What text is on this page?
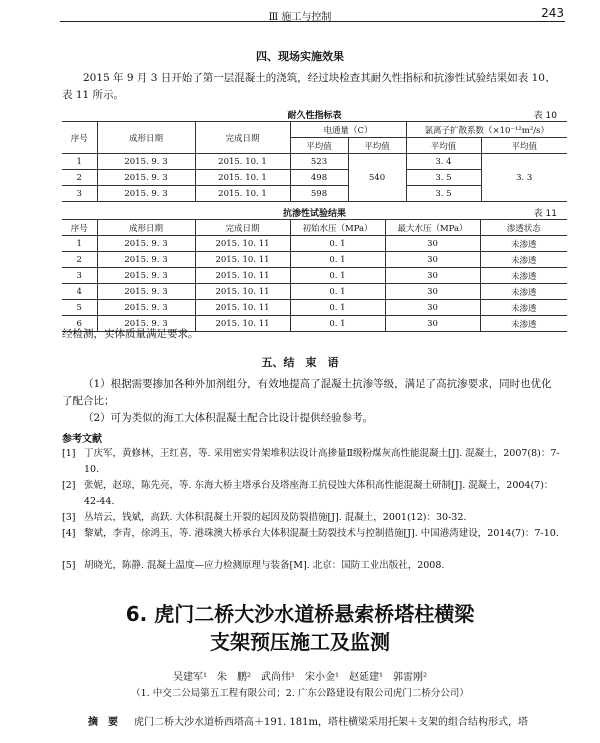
Ⅲ 施工与控制	243
四、现场实施效果
2015 年 9 月 3 日开始了第一层混凝土的浇筑，经过块检查其耐久性指标和抗渗性试验结果如表 10、表 11 所示。
耐久性指标表	表 10
序号	成形日期	完成日期	电通量（C）		氯离子扩散系数（×10⁻¹²m²/s）	
			平均值	平均值	平均值	平均值
1	2015. 9. 3	2015. 10. 1	523	540	3. 4	3. 3
2	2015. 9. 3	2015. 10. 1	498		3. 5	
3	2015. 9. 3	2015. 10. 1	598		3. 5	
抗渗性试验结果	表 11
序号	成形日期	完成日期	初始水压（MPa）	最大水压（MPa）	渗透状态
1	2015. 9. 3	2015. 10. 11	0. 1	30	未渗透
2	2015. 9. 3	2015. 10. 11	0. 1	30	未渗透
3	2015. 9. 3	2015. 10. 11	0. 1	30	未渗透
4	2015. 9. 3	2015. 10. 11	0. 1	30	未渗透
5	2015. 9. 3	2015. 10. 11	0. 1	30	未渗透
6	2015. 9. 3	2015. 10. 11	0. 1	30	未渗透
经检测，实体质量满足要求。
五、结　束　语
（1）根据需要掺加各种外加剂组分，有效地提高了混凝土抗渗等级，满足了高抗渗要求，同时也优化了配合比；
（2）可为类似的海工大体积混凝土配合比设计提供经验参考。
参考文献
[1] 丁庆军，黄修林，王红喜，等. 采用密实骨架堆积法设计高掺量Ⅱ级粉煤灰高性能混凝土[J]. 混凝土，2007(8)：7-10.
[2] 张妮，赵琼，陈先亮，等. 东海大桥主塔承台及塔座海工抗侵蚀大体积高性能混凝土研制[J]. 混凝土，2004(7)：42-44.
[3] 丛培云，钱斌，高跃. 大体积混凝土开裂的起因及防裂措施[J]. 混凝土，2001(12)：30-32.
[4] 黎斌，李青，徐鸿玉，等. 港珠澳大桥承台大体积混凝土防裂技术与控制措施[J]. 中国港湾建设，2014(7)：7-10.
[5] 胡晓光，陈静. 混凝土温度—应力检测原理与装备[M]. 北京：国防工业出版社，2008.
6. 虎门二桥大沙水道桥悬索桥塔柱横梁
支架预压施工及监测
吴建军¹　朱　鹏²　武尚伟¹　宋小金¹　赵延建¹　郭雷刚²
（1. 中交二公局第五工程有限公司；2. 广东公路建设有限公司虎门二桥分公司）
摘　要 虎门二桥大沙水道桥西塔高＋191. 181m，塔柱横梁采用托架＋支架的组合结构形式，塔
